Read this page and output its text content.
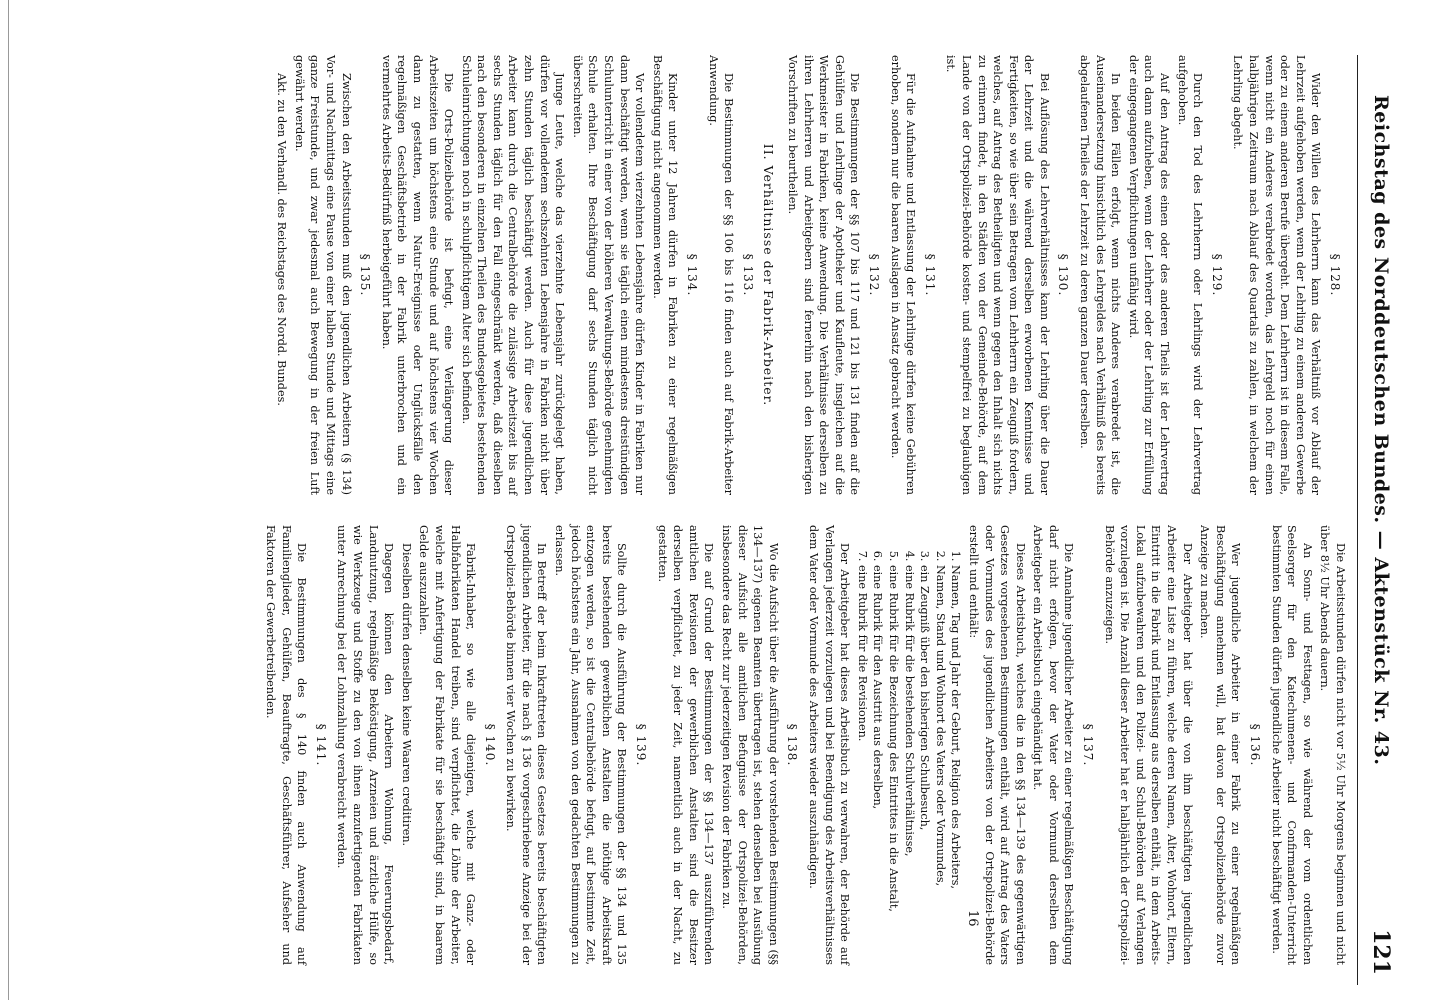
Reichstag des Norddeutschen Bundes. — Aktenstück Nr. 43.
121

§ 128.

Wider den Willen des Lehrherrn kann das Verhältniß vor Ablauf der Lehrzeit aufgehoben werden, wenn der Lehrling zu einem anderen Gewerbe oder zu einem anderen Berufe übergeht. Dem Lehrherrn ist in diesem Falle, wenn nicht ein Anderes verabredet worden, das Lehrgeld noch für einen halbjährigen Zeitraum nach Ablauf des Quartals zu zahlen, in welchem der Lehrling abgeht.

§ 129.

Durch den Tod des Lehrherrn oder Lehrlings wird der Lehrvertrag aufgehoben.

Auf den Antrag des einen oder des anderen Theils ist der Lehrvertrag auch dann aufzuheben, wenn der Lehrherr oder der Lehrling zur Erfüllung der eingegangenen Verpflichtungen unfähig wird.

In beiden Fällen erfolgt, wenn nichts Anderes verabredet ist, die Auseinandersetzung hinsichtlich des Lehrgeldes nach Verhältniß des bereits abgelaufenen Theiles der Lehrzeit zu deren ganzen Dauer derselben.

§ 130.

Bei Auflösung des Lehrverhältnisses kann der Lehrling über die Dauer der Lehrzeit und die während derselben erworbenen Kenntnisse und Fertigkeiten, so wie über sein Betragen vom Lehrherrn ein Zeugniß fordern, welches, auf Antrag des Betheiligten und wenn gegen den Inhalt sich nichts zu erinnern findet, in den Städten von der Gemeinde-Behörde, auf dem Lande von der Ortspolizei-Behörde kosten- und stempelfrei zu beglaubigen ist.

§ 131.

Für die Aufnahme und Entlassung der Lehrlinge dürfen keine Gebühren erhoben, sondern nur die baaren Auslagen in Ansatz gebracht werden.

§ 132.

Die Bestimmungen der §§ 107 bis 117 und 121 bis 131 finden auf die Gehülfen und Lehrlinge der Apotheker und Kaufleute, insgleichen auf die Werkmeister in Fabriken, keine Anwendung. Die Verhältnisse derselben zu ihren Lehrherren und Arbeitgebern sind fernerhin nach den bisherigen Vorschriften zu beurtheilen.

II. Verhältnisse der Fabrik-Arbeiter.

§ 133.

Die Bestimmungen der §§ 106 bis 116 finden auch auf Fabrik-Arbeiter Anwendung.

§ 134.

Kinder unter 12 Jahren dürfen in Fabriken zu einer regelmäßigen Beschäftigung nicht angenommen werden.

Vor vollendetem vierzehnten Lebensjahre dürfen Kinder in Fabriken nur dann beschäftigt werden, wenn sie täglich einen mindestens dreistündigen Schulunterricht in einer von der höheren Verwaltungs-Behörde genehmigten Schule erhalten. Ihre Beschäftigung darf sechs Stunden täglich nicht überschreiten.

Junge Leute, welche das vierzehnte Lebensjahr zurückgelegt haben, dürfen vor vollendetem sechszehnten Lebensjahre in Fabriken nicht über zehn Stunden täglich beschäftigt werden. Auch für diese jugendlichen Arbeiter kann durch die Centralbehörde die zulässige Arbeitszeit bis auf sechs Stunden täglich für den Fall eingeschränkt werden, daß dieselben nach den besonderen in einzelnen Theilen des Bundesgebietes bestehenden Schuleinrichtungen noch in schulpflichtigem Alter sich befinden.

Die Orts-Polizeibehörde ist befugt, eine Verlängerung dieser Arbeitszeiten um höchstens eine Stunde und auf höchstens vier Wochen dann zu gestatten, wenn Natur-Ereignisse oder Unglücksfälle den regelmäßigen Geschäftsbetrieb in der Fabrik unterbrochen und ein vermehrtes Arbeits-Bedürfniß herbeigeführt haben.

§ 135.

Zwischen den Arbeitsstunden muß den jugendlichen Arbeitern (§ 134) Vor- und Nachmittags eine Pause von einer halben Stunde und Mittags eine ganze Freistunde, und zwar jedesmal auch Bewegung in der freien Luft gewährt werden.

Akt. zu den Verhandl. des Reichstages des Nordd. Bundes.

Die Arbeitsstunden dürfen nicht vor 5½ Uhr Morgens beginnen und nicht über 8½ Uhr Abends dauern.

An Sonn- und Festtagen, so wie während der vom ordentlichen Seelsorger für den Katechumenen- und Confirmanden-Unterricht bestimmten Stunden dürfen jugendliche Arbeiter nicht beschäftigt werden.

§ 136.

Wer jugendliche Arbeiter in einer Fabrik zu einer regelmäßigen Beschäftigung annehmen will, hat davon der Ortspolizeibehörde zuvor Anzeige zu machen.

Der Arbeitgeber hat über die von ihm beschäftigten jugendlichen Arbeiter eine Liste zu führen, welche deren Namen, Alter, Wohnort, Eltern, Eintritt in die Fabrik und Entlassung aus derselben enthält, in dem Arbeits-Lokal aufzubewahren und den Polizei- und Schul-Behörden auf Verlangen vorzulegen ist. Die Anzahl dieser Arbeiter hat er halbjährlich der Ortspolizei-Behörde anzuzeigen.

§ 137.

Die Annahme jugendlicher Arbeiter zu einer regelmäßigen Beschäftigung darf nicht erfolgen, bevor der Vater oder Vormund derselben dem Arbeitgeber ein Arbeitsbuch eingehändigt hat.

Dieses Arbeitsbuch, welches die in den §§ 134—139 des gegenwärtigen Gesetzes vorgesehenen Bestimmungen enthält, wird auf Antrag des Vaters oder Vormundes des jugendlichen Arbeiters von der Ortspolizei-Behörde erstellt und enthält:

1. Namen, Tag und Jahr der Geburt, Religion des Arbeiters,
2. Namen, Stand und Wohnort des Vaters oder Vormundes,
3. ein Zeugniß über den bisherigen Schulbesuch,
4. eine Rubrik für die bestehenden Schulverhältnisse,
5. eine Rubrik für die Bezeichnung des Eintrittes in die Anstalt,
6. eine Rubrik für den Austritt aus derselben,
7. eine Rubrik für die Revisionen.

Der Arbeitgeber hat dieses Arbeitsbuch zu verwahren, der Behörde auf Verlangen jederzeit vorzulegen und bei Beendigung des Arbeitsverhältnisses dem Vater oder Vormunde des Arbeiters wieder auszuhändigen.

§ 138.

Wo die Aufsicht über die Ausführung der vorstehenden Bestimmungen (§§ 134—137) eigenen Beamten übertragen ist, stehen denselben bei Ausübung dieser Aufsicht alle amtlichen Befugnisse der Ortspolizei-Behörden, insbesondere das Recht zur jederzeitigen Revision der Fabriken zu.

Die auf Grund der Bestimmungen der §§ 134—137 auszuführenden amtlichen Revisionen der gewerblichen Anstalten sind die Besitzer derselben verpflichtet, zu jeder Zeit, namentlich auch in der Nacht, zu gestatten.

§ 139.

Sollte durch die Ausführung der Bestimmungen der §§ 134 und 135 bereits bestehenden gewerblichen Anstalten die nöthige Arbeitskraft entzogen werden, so ist die Centralbehörde befugt, auf bestimmte Zeit, jedoch höchstens ein Jahr, Ausnahmen von den gedachten Bestimmungen zu erlassen.

In Betreff der beim Inkrafttreten dieses Gesetzes bereits beschäftigten jugendlichen Arbeiter, für die nach § 136 vorgeschriebene Anzeige bei der Ortspolizei-Behörde binnen vier Wochen zu bewirken.

§ 140.

Fabrik-Inhaber, so wie alle diejenigen, welche mit Ganz- oder Halbfabrikaten Handel treiben, sind verpflichtet, die Löhne der Arbeiter, welche mit Anfertigung der Fabrikate für sie beschäftigt sind, in baarem Gelde auszuzahlen.

Dieselben dürfen denselben keine Waaren creditiren.

Dagegen können den Arbeitern Wohnung, Feuerungsbedarf, Landnutzung, regelmäßige Beköstigung, Arzneien und ärztliche Hülfe, so wie Werkzeuge und Stoffe zu den von ihnen anzufertigenden Fabrikaten unter Anrechnung bei der Lohnzahlung verabreicht werden.

§ 141.

Die Bestimmungen des § 140 finden auch Anwendung auf Familienglieder, Gehülfen, Beauftragte, Geschäftsführer, Aufseher und Faktoren der Gewerbetreibenden.

16
